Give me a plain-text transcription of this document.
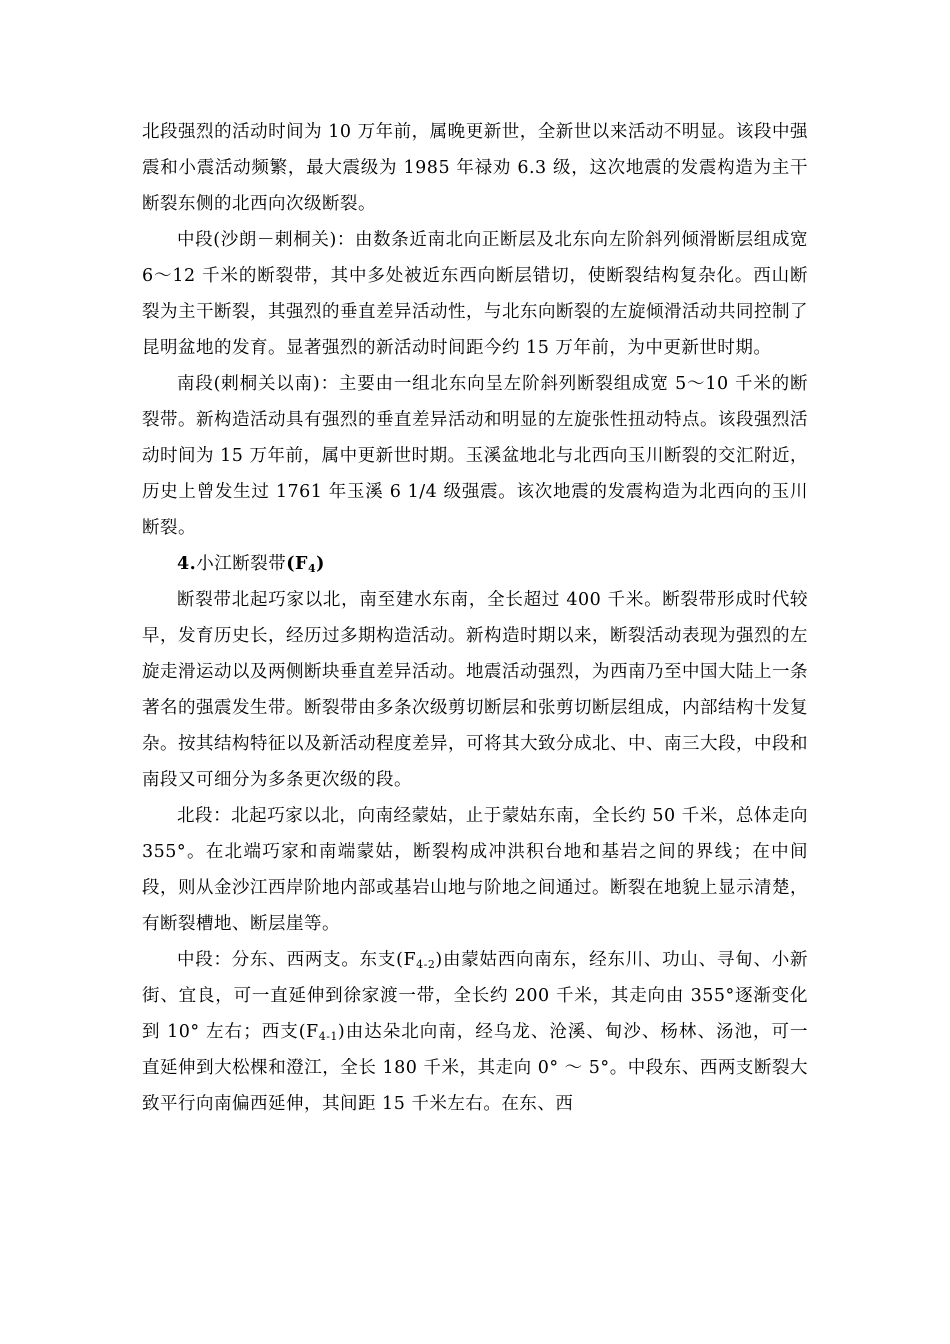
北段强烈的活动时间为 10 万年前，属晚更新世，全新世以来活动不明显。该段中强震和小震活动频繁，最大震级为 1985 年禄劝 6.3 级，这次地震的发震构造为主干断裂东侧的北西向次级断裂。

中段(沙朗－剌桐关)：由数条近南北向正断层及北东向左阶斜列倾滑断层组成宽 6～12 千米的断裂带，其中多处被近东西向断层错切，使断裂结构复杂化。西山断裂为主干断裂，其强烈的垂直差异活动性，与北东向断裂的左旋倾滑活动共同控制了昆明盆地的发育。显著强烈的新活动时间距今约 15 万年前，为中更新世时期。

南段(剌桐关以南)：主要由一组北东向呈左阶斜列断裂组成宽 5～10 千米的断裂带。新构造活动具有强烈的垂直差异活动和明显的左旋张性扭动特点。该段强烈活动时间为 15 万年前，属中更新世时期。玉溪盆地北与北西向玉川断裂的交汇附近，历史上曾发生过 1761 年玉溪 6 1/4 级强震。该次地震的发震构造为北西向的玉川断裂。

4.小江断裂带$(F_4)$

断裂带北起巧家以北，南至建水东南，全长超过 400 千米。断裂带形成时代较早，发育历史长，经历过多期构造活动。新构造时期以来，断裂活动表现为强烈的左旋走滑运动以及两侧断块垂直差异活动。地震活动强烈，为西南乃至中国大陆上一条著名的强震发生带。断裂带由多条次级剪切断层和张剪切断层组成，内部结构十发复杂。按其结构特征以及新活动程度差异，可将其大致分成北、中、南三大段，中段和南段又可细分为多条更次级的段。

北段：北起巧家以北，向南经蒙姑，止于蒙姑东南，全长约 50 千米，总体走向 355°。在北端巧家和南端蒙姑，断裂构成冲洪积台地和基岩之间的界线；在中间段，则从金沙江西岸阶地内部或基岩山地与阶地之间通过。断裂在地貌上显示清楚，有断裂槽地、断层崖等。

中段：分东、西两支。东支$(F_{4-2})$由蒙姑西向南东，经东川、功山、寻甸、小新街、宜良，可一直延伸到徐家渡一带，全长约 200 千米，其走向由 355°逐渐变化到 10° 左右；西支$(F_{4-1})$由达朵北向南，经乌龙、沧溪、甸沙、杨林、汤池，可一直延伸到大松棵和澄江，全长 180 千米，其走向 0° ～ 5°。中段东、西两支断裂大致平行向南偏西延伸，其间距 15 千米左右。在东、西
